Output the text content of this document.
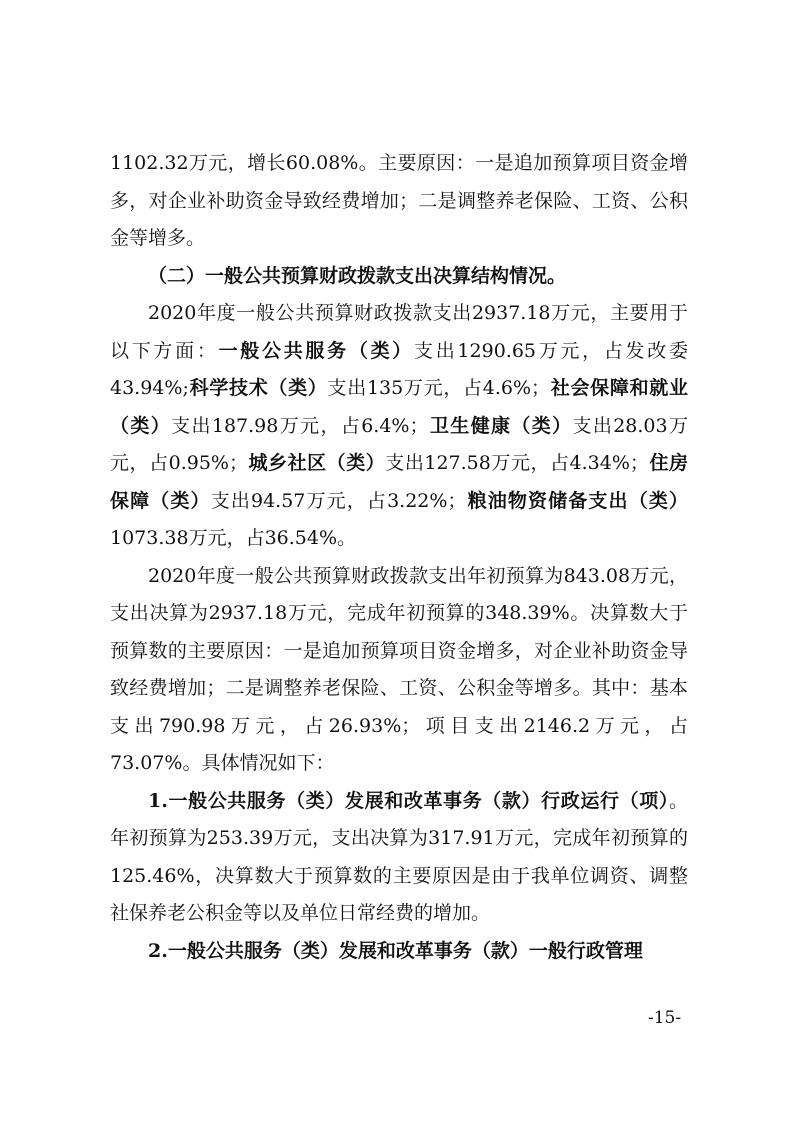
1102.32万元，增长60.08%。主要原因：一是追加预算项目资金增多，对企业补助资金导致经费增加；二是调整养老保险、工资、公积金等增多。

（二）一般公共预算财政拨款支出决算结构情况。

2020年度一般公共预算财政拨款支出2937.18万元，主要用于以下方面：一般公共服务（类）支出1290.65万元，占发改委43.94%;科学技术（类）支出135万元，占4.6%；社会保障和就业（类）支出187.98万元，占6.4%；卫生健康（类）支出28.03万元，占0.95%；城乡社区（类）支出127.58万元，占4.34%；住房保障（类）支出94.57万元，占3.22%；粮油物资储备支出（类）1073.38万元，占36.54%。

2020年度一般公共预算财政拨款支出年初预算为843.08万元，支出决算为2937.18万元，完成年初预算的348.39%。决算数大于预算数的主要原因：一是追加预算项目资金增多，对企业补助资金导致经费增加；二是调整养老保险、工资、公积金等增多。其中：基本支出790.98万元，占26.93%；项目支出2146.2万元，占73.07%。具体情况如下：

1.一般公共服务（类）发展和改革事务（款）行政运行（项）。年初预算为253.39万元，支出决算为317.91万元，完成年初预算的125.46%，决算数大于预算数的主要原因是由于我单位调资、调整社保养老公积金等以及单位日常经费的增加。

2.一般公共服务（类）发展和改革事务（款）一般行政管理

-15-
